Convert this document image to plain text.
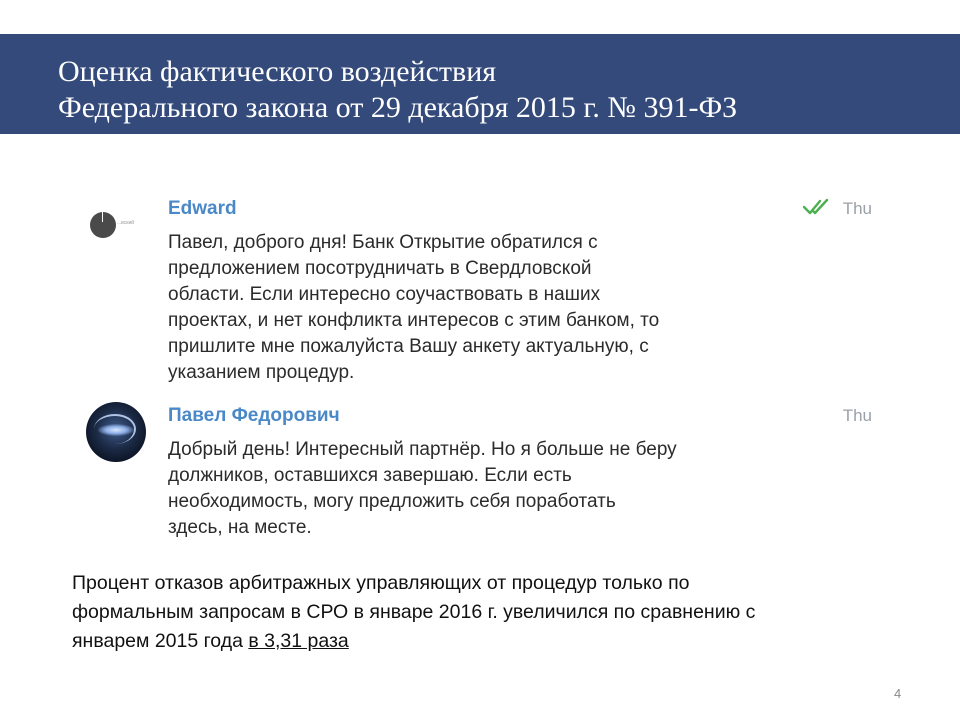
Оценка фактического воздействия
Федерального закона от 29 декабря 2015 г. № 391-ФЗ
...вский
Edward	Thu
Павел, доброго дня! Банк Открытие обратился с
предложением посотрудничать в Свердловской
области. Если интересно соучаствовать в наших
проектах, и нет конфликта интересов с этим банком, то
пришлите мне пожалуйста Вашу анкету актуальную, с
указанием процедур.
Павел Федорович	Thu
Добрый день! Интересный партнёр. Но я больше не беру
должников, оставшихся завершаю. Если есть
необходимость, могу предложить себя поработать
здесь, на месте.

Процент отказов арбитражных управляющих от процедур только по
формальным запросам в СРО в январе 2016 г. увеличился по сравнению с
январем 2015 года в 3,31 раза

4
